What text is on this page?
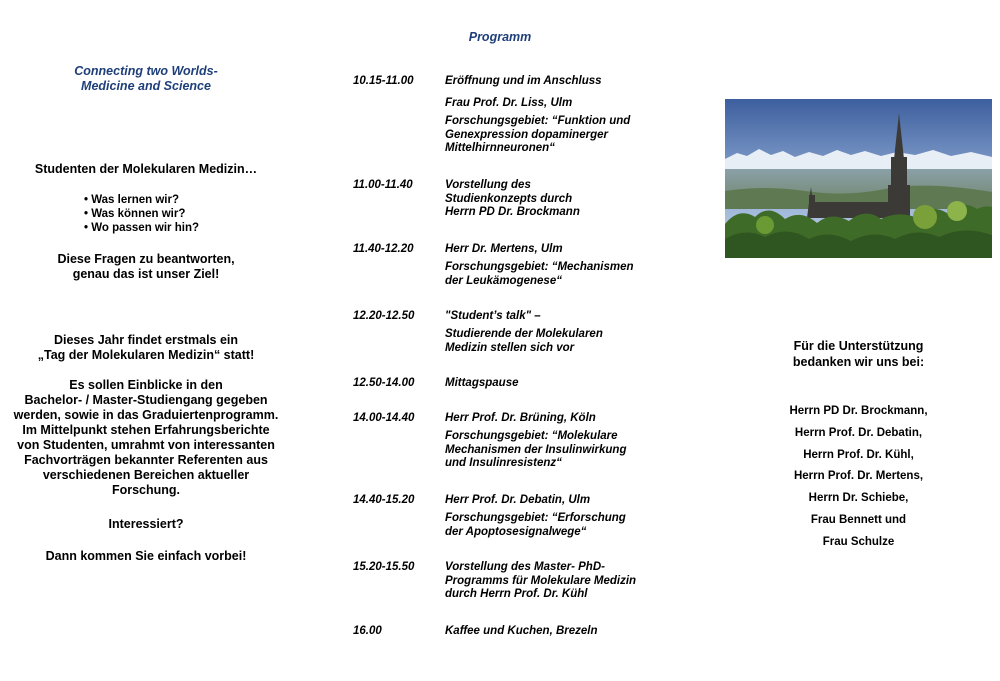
Connecting two Worlds-
Medicine and Science
Studenten der Molekularen Medizin…
• Was lernen wir?
• Was können wir?
• Wo passen wir hin?
Diese Fragen zu beantworten,
genau das ist unser Ziel!
Dieses Jahr findet erstmals ein
„Tag der Molekularen Medizin“ statt!
Es sollen Einblicke in den
Bachelor- / Master-Studiengang gegeben
werden, sowie in das Graduiertenprogramm.
Im Mittelpunkt stehen Erfahrungsberichte
von Studenten, umrahmt von interessanten
Fachvorträgen bekannter Referenten aus
verschiedenen Bereichen aktueller
Forschung.
Interessiert?
Dann kommen Sie einfach vorbei!
Programm
10.15-11.00	Eröffnung und im Anschluss
Frau Prof. Dr. Liss, Ulm
Forschungsgebiet: “Funktion und
Genexpression dopaminerger
Mittelhirnneuronen“
11.00-11.40	Vorstellung des
Studienkonzepts durch
Herrn PD Dr. Brockmann
11.40-12.20	Herr Dr. Mertens, Ulm
Forschungsgebiet: “Mechanismen
der Leukämogenese“
12.20-12.50	"Student’s talk" –
Studierende der Molekularen
Medizin stellen sich vor
12.50-14.00	Mittagspause
14.00-14.40	Herr Prof. Dr. Brüning, Köln
Forschungsgebiet: “Molekulare
Mechanismen der Insulinwirkung
und Insulinresistenz“
14.40-15.20	Herr Prof. Dr. Debatin, Ulm
Forschungsgebiet: “Erforschung
der Apoptosesignalwege“
15.20-15.50	Vorstellung des Master- PhD-
Programms für Molekulare Medizin
durch Herrn Prof. Dr. Kühl
16.00	Kaffee und Kuchen, Brezeln
Für die Unterstützung
bedanken wir uns bei:
Herrn PD Dr. Brockmann,
Herrn Prof. Dr. Debatin,
Herrn Prof. Dr. Kühl,
Herrn Prof. Dr. Mertens,
Herrn Dr. Schiebe,
Frau Bennett und
Frau Schulze
